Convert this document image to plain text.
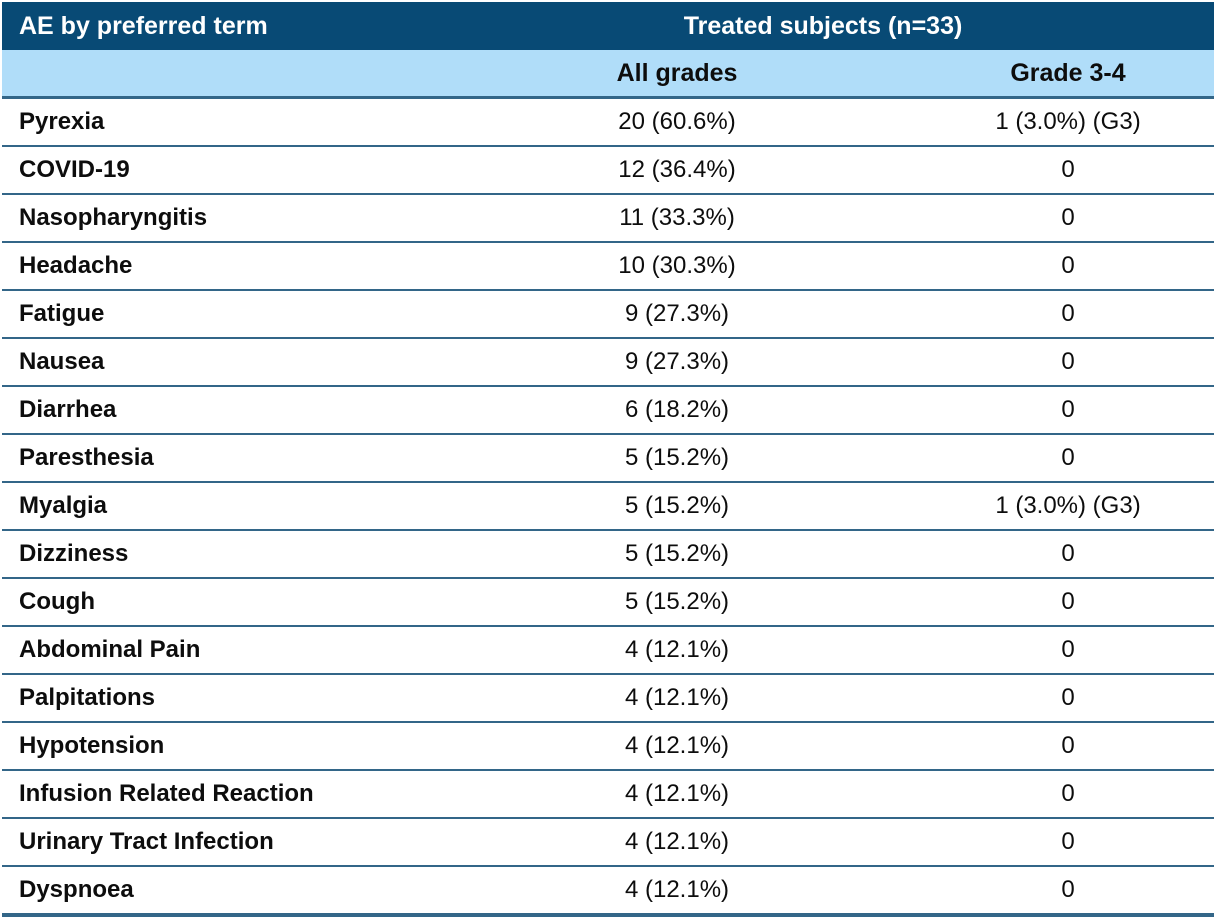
AE by preferred term	Treated subjects (n=33)	
	All grades	Grade 3-4
Pyrexia	20 (60.6%)	1 (3.0%) (G3)
COVID-19	12 (36.4%)	0
Nasopharyngitis	11 (33.3%)	0
Headache	10 (30.3%)	0
Fatigue	9 (27.3%)	0
Nausea	9 (27.3%)	0
Diarrhea	6 (18.2%)	0
Paresthesia	5 (15.2%)	0
Myalgia	5 (15.2%)	1 (3.0%) (G3)
Dizziness	5 (15.2%)	0
Cough	5 (15.2%)	0
Abdominal Pain	4 (12.1%)	0
Palpitations	4 (12.1%)	0
Hypotension	4 (12.1%)	0
Infusion Related Reaction	4 (12.1%)	0
Urinary Tract Infection	4 (12.1%)	0
Dyspnoea	4 (12.1%)	0
